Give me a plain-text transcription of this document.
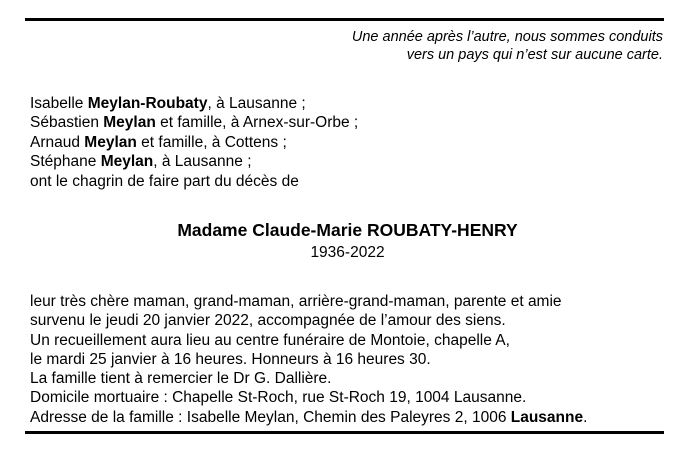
Une année après l’autre, nous sommes conduits
vers un pays qui n’est sur aucune carte.
Isabelle Meylan-Roubaty, à Lausanne ;
Sébastien Meylan et famille, à Arnex-sur-Orbe ;
Arnaud Meylan et famille, à Cottens ;
Stéphane Meylan, à Lausanne ;
ont le chagrin de faire part du décès de
Madame Claude-Marie ROUBATY-HENRY
1936-2022
leur très chère maman, grand-maman, arrière-grand-maman, parente et amie
survenu le jeudi 20 janvier 2022, accompagnée de l’amour des siens.
Un recueillement aura lieu au centre funéraire de Montoie, chapelle A,
le mardi 25 janvier à 16 heures. Honneurs à 16 heures 30.
La famille tient à remercier le Dr G. Dallière.
Domicile mortuaire : Chapelle St-Roch, rue St-Roch 19, 1004 Lausanne.
Adresse de la famille : Isabelle Meylan, Chemin des Paleyres 2, 1006 Lausanne.
